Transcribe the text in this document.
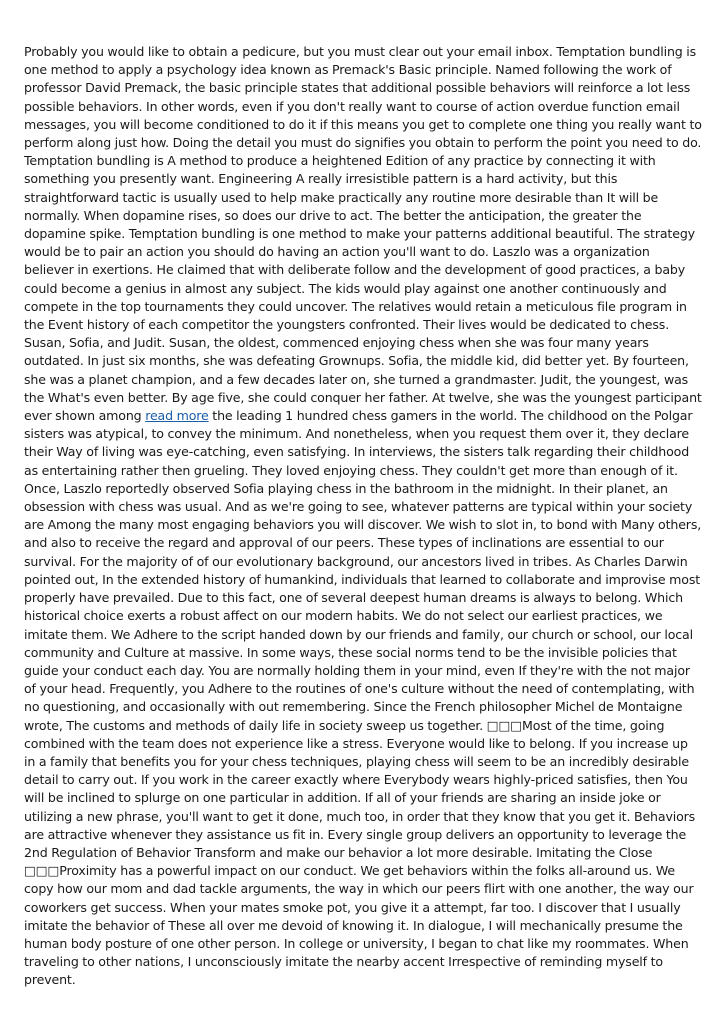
Probably you would like to obtain a pedicure, but you must clear out your email inbox. Temptation bundling is one method to apply a psychology idea known as Premack's Basic principle. Named following the work of professor David Premack, the basic principle states that additional possible behaviors will reinforce a lot less possible behaviors. In other words, even if you don't really want to course of action overdue function email messages, you will become conditioned to do it if this means you get to complete one thing you really want to perform along just how. Doing the detail you must do signifies you obtain to perform the point you need to do. Temptation bundling is A method to produce a heightened Edition of any practice by connecting it with something you presently want. Engineering A really irresistible pattern is a hard activity, but this straightforward tactic is usually used to help make practically any routine more desirable than It will be normally. When dopamine rises, so does our drive to act. The better the anticipation, the greater the dopamine spike. Temptation bundling is one method to make your patterns additional beautiful. The strategy would be to pair an action you should do having an action you'll want to do. Laszlo was a organization believer in exertions. He claimed that with deliberate follow and the development of good practices, a baby could become a genius in almost any subject. The kids would play against one another continuously and compete in the top tournaments they could uncover. The relatives would retain a meticulous file program in the Event history of each competitor the youngsters confronted. Their lives would be dedicated to chess. Susan, Sofia, and Judit. Susan, the oldest, commenced enjoying chess when she was four many years outdated. In just six months, she was defeating Grownups. Sofia, the middle kid, did better yet. By fourteen, she was a planet champion, and a few decades later on, she turned a grandmaster. Judit, the youngest, was the What's even better. By age five, she could conquer her father. At twelve, she was the youngest participant ever shown among read more the leading 1 hundred chess gamers in the world. The childhood on the Polgar sisters was atypical, to convey the minimum. And nonetheless, when you request them over it, they declare their Way of living was eye-catching, even satisfying. In interviews, the sisters talk regarding their childhood as entertaining rather then grueling. They loved enjoying chess. They couldn't get more than enough of it. Once, Laszlo reportedly observed Sofia playing chess in the bathroom in the midnight. In their planet, an obsession with chess was usual. And as we're going to see, whatever patterns are typical within your society are Among the many most engaging behaviors you will discover. We wish to slot in, to bond with Many others, and also to receive the regard and approval of our peers. These types of inclinations are essential to our survival. For the majority of of our evolutionary background, our ancestors lived in tribes. As Charles Darwin pointed out, In the extended history of humankind, individuals that learned to collaborate and improvise most properly have prevailed. Due to this fact, one of several deepest human dreams is always to belong. Which historical choice exerts a robust affect on our modern habits. We do not select our earliest practices, we imitate them. We Adhere to the script handed down by our friends and family, our church or school, our local community and Culture at massive. In some ways, these social norms tend to be the invisible policies that guide your conduct each day. You are normally holding them in your mind, even If they're with the not major of your head. Frequently, you Adhere to the routines of one's culture without the need of contemplating, with no questioning, and occasionally with out remembering. Since the French philosopher Michel de Montaigne wrote, The customs and methods of daily life in society sweep us together. □□□Most of the time, going combined with the team does not experience like a stress. Everyone would like to belong. If you increase up in a family that benefits you for your chess techniques, playing chess will seem to be an incredibly desirable detail to carry out. If you work in the career exactly where Everybody wears highly-priced satisfies, then You will be inclined to splurge on one particular in addition. If all of your friends are sharing an inside joke or utilizing a new phrase, you'll want to get it done, much too, in order that they know that you get it. Behaviors are attractive whenever they assistance us fit in. Every single group delivers an opportunity to leverage the 2nd Regulation of Behavior Transform and make our behavior a lot more desirable. Imitating the Close □□□Proximity has a powerful impact on our conduct. We get behaviors within the folks all-around us. We copy how our mom and dad tackle arguments, the way in which our peers flirt with one another, the way our coworkers get success. When your mates smoke pot, you give it a attempt, far too. I discover that I usually imitate the behavior of These all over me devoid of knowing it. In dialogue, I will mechanically presume the human body posture of one other person. In college or university, I began to chat like my roommates. When traveling to other nations, I unconsciously imitate the nearby accent Irrespective of reminding myself to prevent.
